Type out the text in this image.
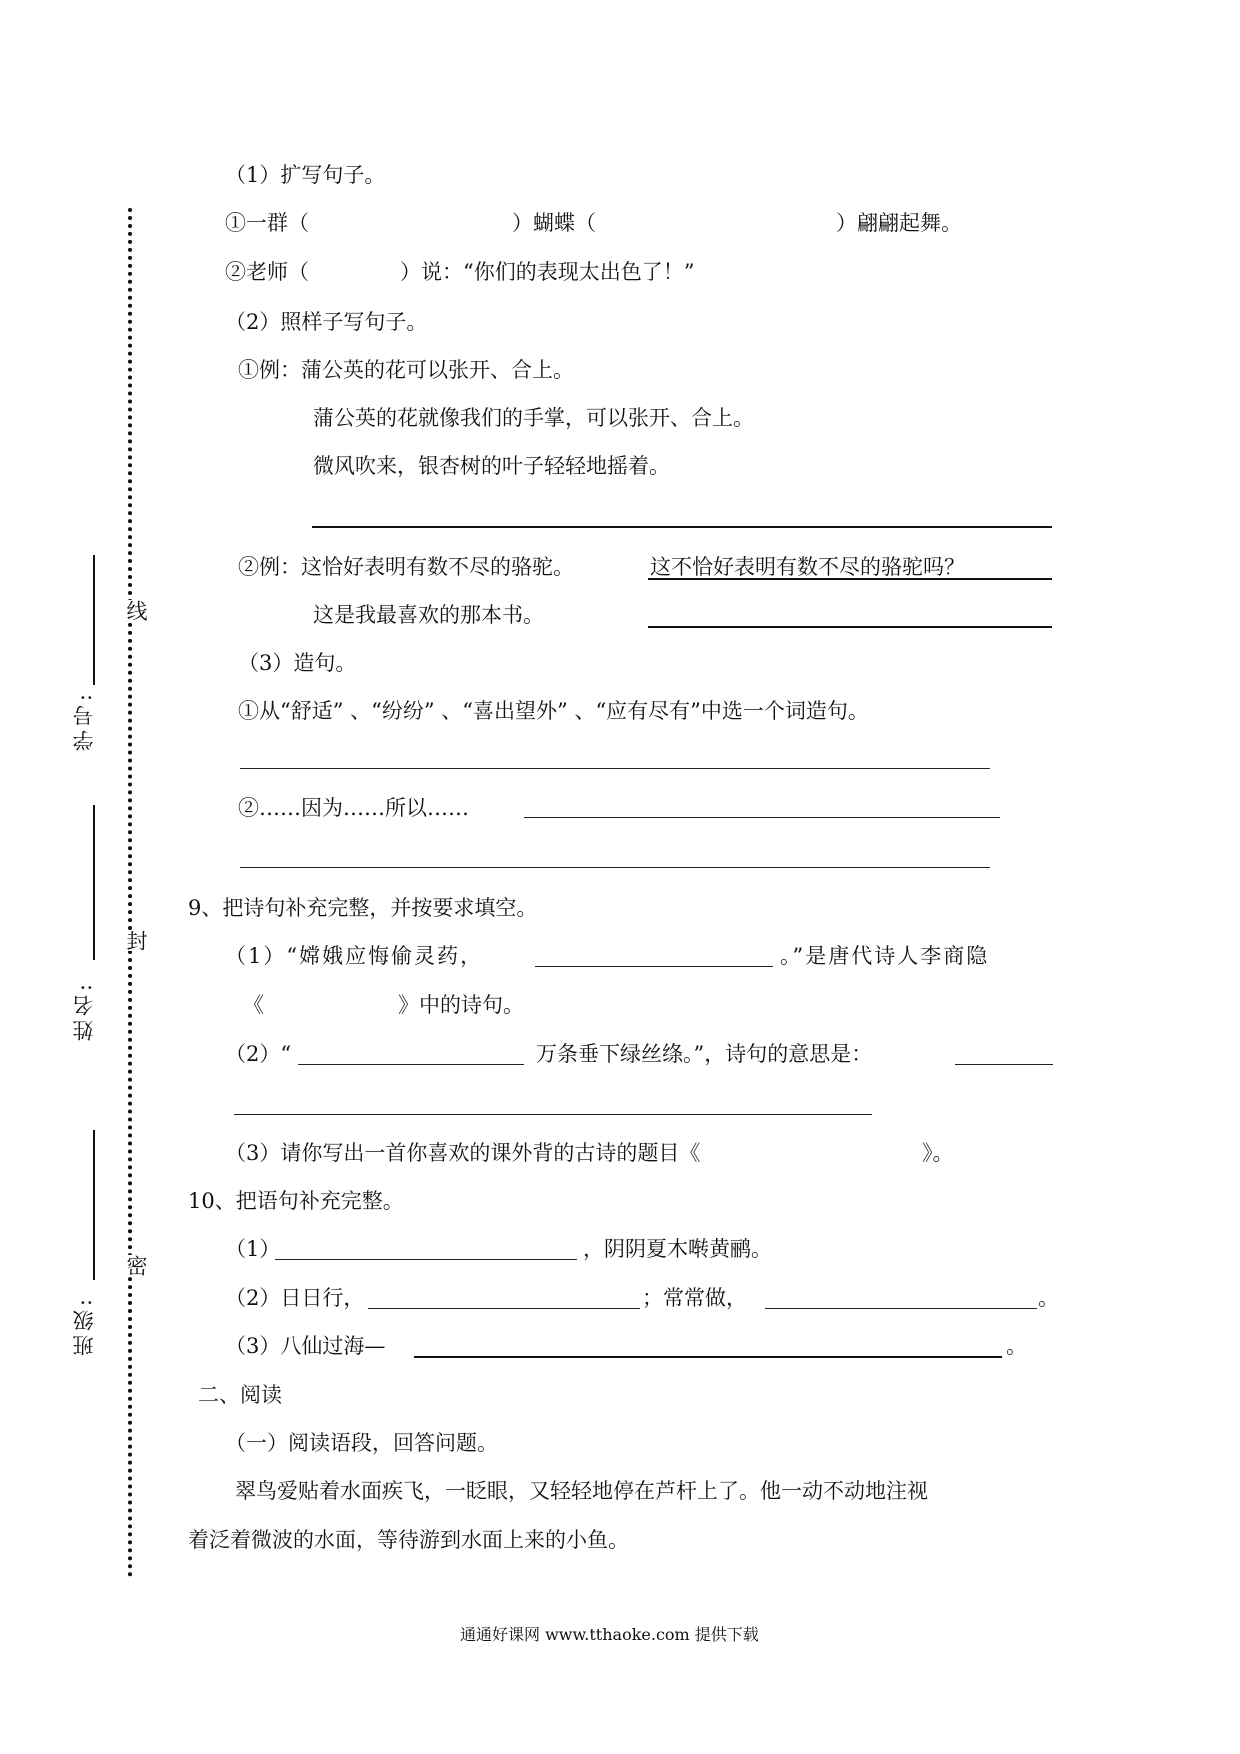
线
封
密
学号:
姓名:
班级:
（1）扩写句子。
①一群（	）蝴蝶（	）翩翩起舞。
②老师（	）说：“你们的表现太出色了！”
（2）照样子写句子。
①例：蒲公英的花可以张开、合上。
蒲公英的花就像我们的手掌，可以张开、合上。
微风吹来，银杏树的叶子轻轻地摇着。
②例：这恰好表明有数不尽的骆驼。	这不恰好表明有数不尽的骆驼吗？
这是我最喜欢的那本书。
（3）造句。
①从“舒适” 、“纷纷” 、“喜出望外” 、“应有尽有”中选一个词造句。
②……因为……所以……
9、把诗句补充完整，并按要求填空。
（1）“嫦娥应悔偷灵药，	。”是唐代诗人李商隐
《	》中的诗句。
（2）“	万条垂下绿丝绦。”，诗句的意思是：
（3）请你写出一首你喜欢的课外背的古诗的题目《	》。
10、把语句补充完整。
（1）	，阴阴夏木啭黄鹂。
（2）日日行，	；常常做，	。
（3）八仙过海—	。
二、阅读
（一）阅读语段，回答问题。
翠鸟爱贴着水面疾飞，一眨眼，又轻轻地停在芦杆上了。他一动不动地注视
着泛着微波的水面，等待游到水面上来的小鱼。
通通好课网 www.tthaoke.com 提供下载
